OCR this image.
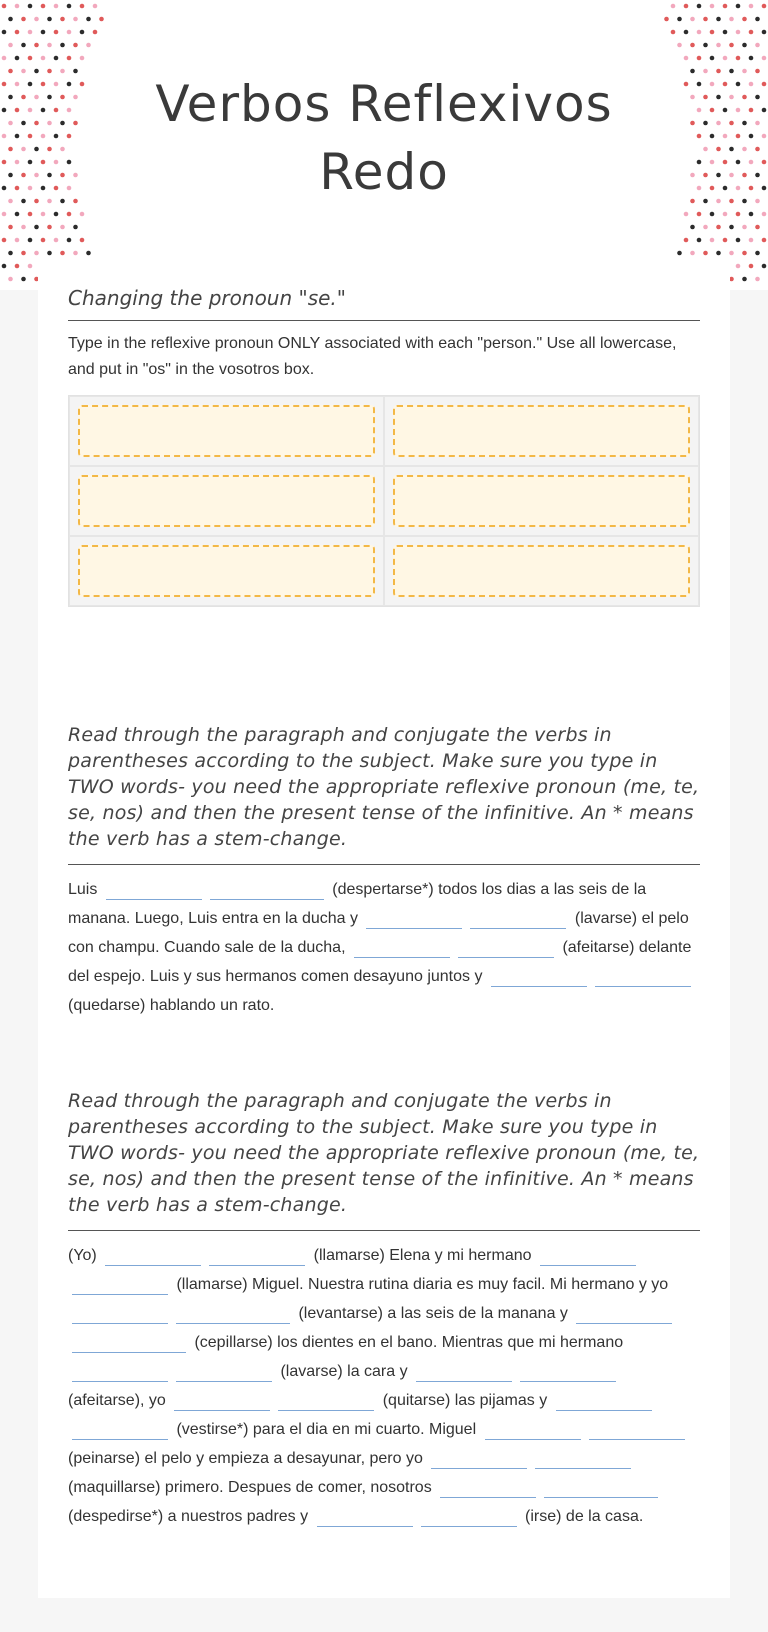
Verbos Reflexivos Redo
Changing the pronoun "se."
Type in the reflexive pronoun ONLY associated with each "person." Use all lowercase, and put in "os" in the vosotros box.
Read through the paragraph and conjugate the verbs in parentheses according to the subject. Make sure you type in TWO words- you need the appropriate reflexive pronoun (me, te, se, nos) and then the present tense of the infinitive. An * means the verb has a stem-change.
Luis	(despertarse*) todos los dias a las seis de la manana. Luego, Luis entra en la ducha y	(lavarse) el pelo con champu. Cuando sale de la ducha,	(afeitarse) delante del espejo. Luis y sus hermanos comen desayuno juntos y  (quedarse) hablando un rato.
Read through the paragraph and conjugate the verbs in parentheses according to the subject. Make sure you type in TWO words- you need the appropriate reflexive pronoun (me, te, se, nos) and then the present tense of the infinitive. An * means the verb has a stem-change.
(Yo)	(llamarse) Elena y mi hermano  (llamarse) Miguel. Nuestra rutina diaria es muy facil. Mi hermano y yo  (levantarse) a las seis de la manana y  (cepillarse) los dientes en el bano. Mientras que mi hermano  (lavarse) la cara y  (afeitarse), yo	(quitarse) las pijamas y  (vestirse*) para el dia en mi cuarto. Miguel  (peinarse) el pelo y empieza a desayunar, pero yo  (maquillarse) primero. Despues de comer, nosotros  (despedirse*) a nuestros padres y	(irse) de la casa.
